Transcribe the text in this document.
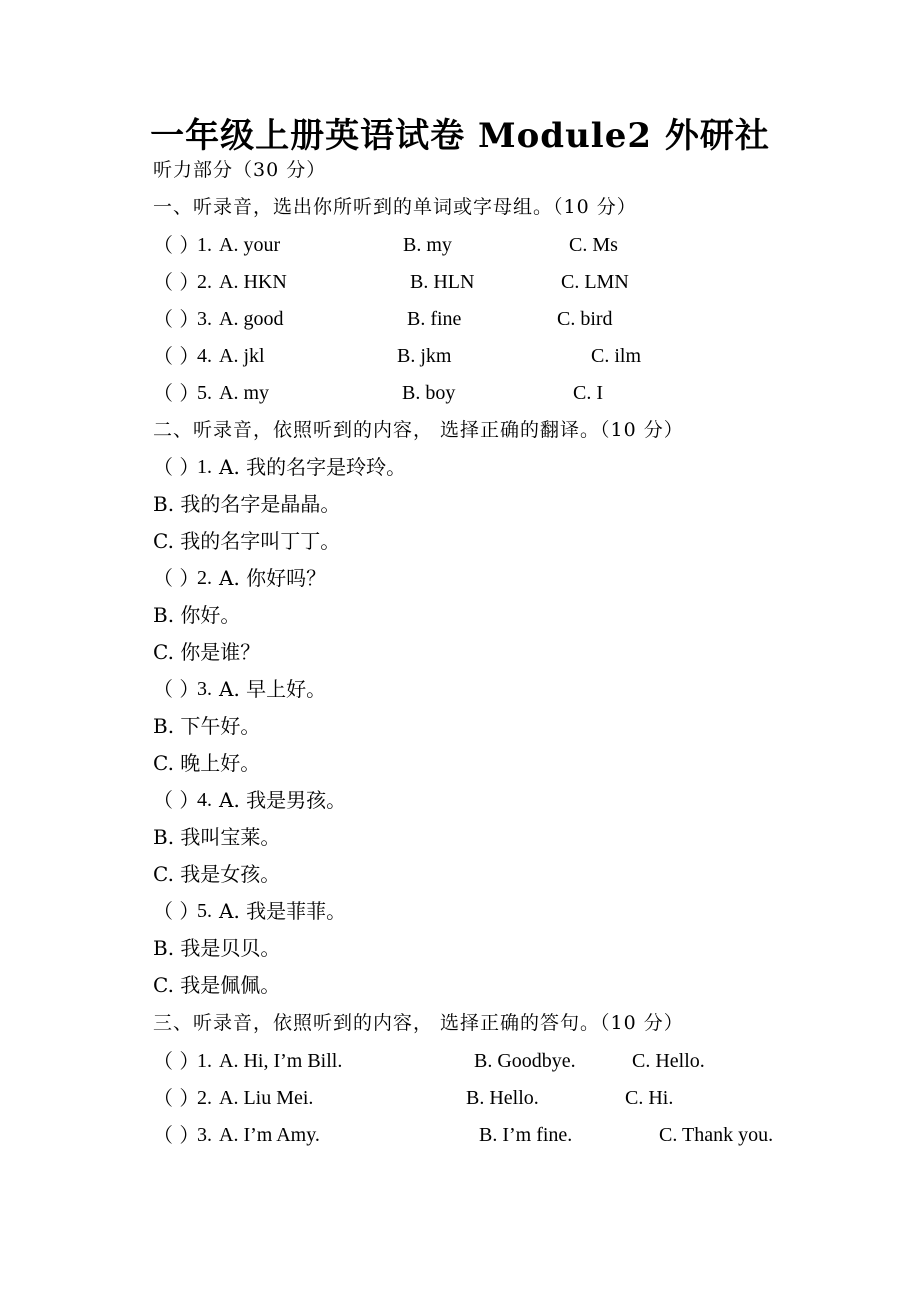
一年级上册英语试卷 Module2 外研社
听力部分（30 分）
一、听录音，选出你所听到的单词或字母组。（10 分）
（ ）
1. A. your	B. my	C. Ms
（ ）
2. A. HKN	B. HLN	C. LMN
（ ）
3. A. good	B. fine	C. bird
（ ）
4. A. jkl	B. jkm	C. ilm
（ ）
5. A. my	B. boy	C. I
二、听录音，依照听到的内容， 选择正确的翻译。（10 分）
（ ）
1. A. 我的名字是玲玲。
B. 我的名字是晶晶。
C. 我的名字叫丁丁。
（ ）
2. A. 你好吗？
B. 你好。
C. 你是谁？
（ ）
3. A. 早上好。
B. 下午好。
C. 晚上好。
（ ）
4. A. 我是男孩。
B. 我叫宝莱。
C. 我是女孩。
（ ）
5. A. 我是菲菲。
B. 我是贝贝。
C. 我是佩佩。
三、听录音，依照听到的内容， 选择正确的答句。（10 分）
（ ）
1. A. Hi, I’m Bill.	B. Goodbye.	C. Hello.
（ ）
2. A. Liu Mei.	B. Hello.	C. Hi.
（ ）
3. A. I’m Amy.	B. I’m fine.	C. Thank you.
